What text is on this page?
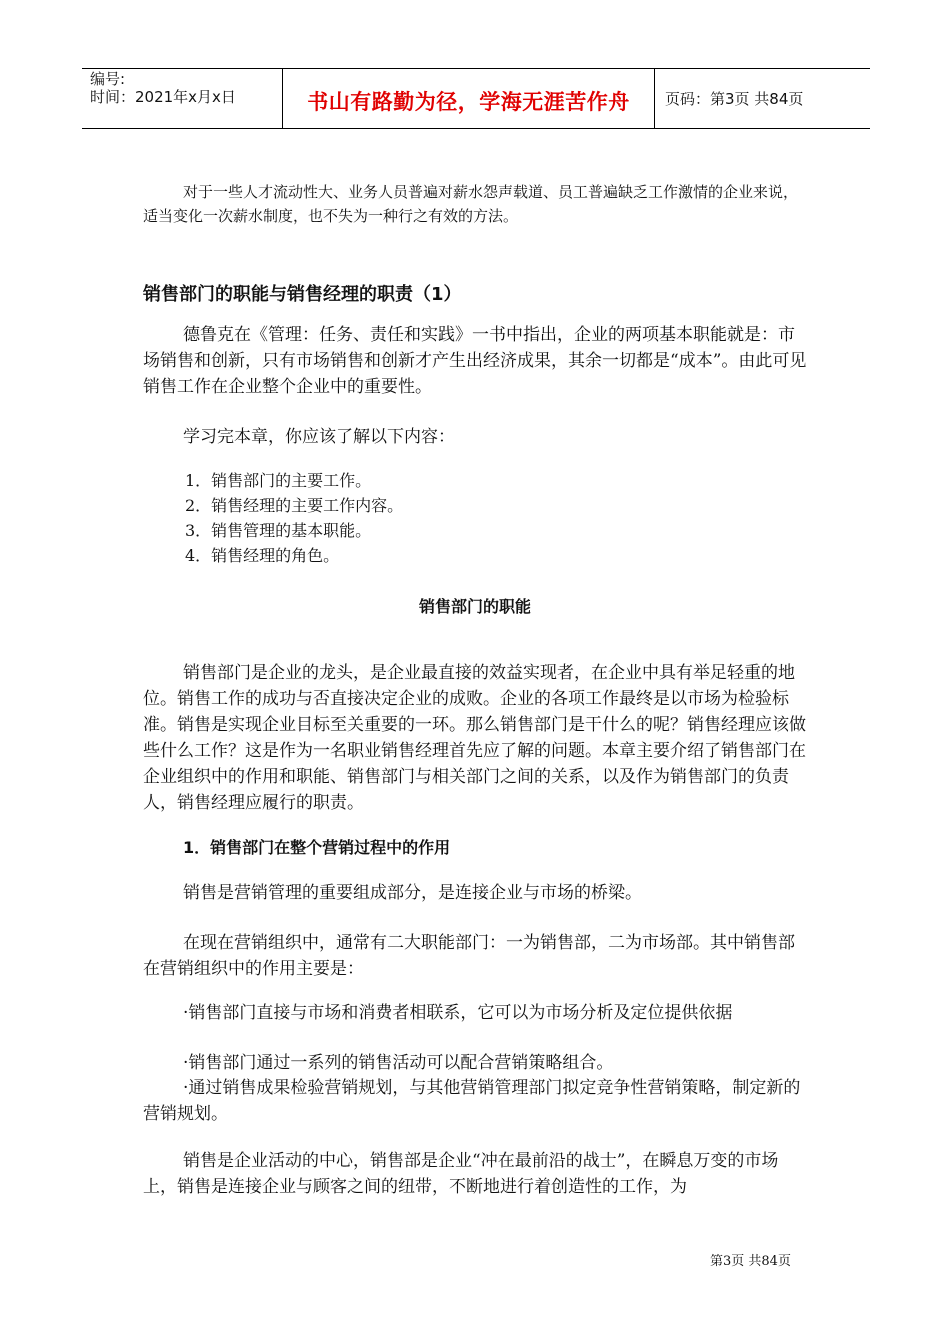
编号:
时间：2021年x月x日	书山有路勤为径，学海无涯苦作舟	页码：第3页 共84页

对于一些人才流动性大、业务人员普遍对薪水怨声载道、员工普遍缺乏工作激情的企业来说，适当变化一次薪水制度，也不失为一种行之有效的方法。

销售部门的职能与销售经理的职责（1）

德鲁克在《管理：任务、责任和实践》一书中指出，企业的两项基本职能就是：市场销售和创新，只有市场销售和创新才产生出经济成果，其余一切都是“成本”。由此可见销售工作在企业整个企业中的重要性。

学习完本章，你应该了解以下内容：

1．销售部门的主要工作。
2．销售经理的主要工作内容。
3．销售管理的基本职能。
4．销售经理的角色。
销售部门的职能

销售部门是企业的龙头，是企业最直接的效益实现者，在企业中具有举足轻重的地位。销售工作的成功与否直接决定企业的成败。企业的各项工作最终是以市场为检验标准。销售是实现企业目标至关重要的一环。那么销售部门是干什么的呢？销售经理应该做些什么工作？这是作为一名职业销售经理首先应了解的问题。本章主要介绍了销售部门在企业组织中的作用和职能、销售部门与相关部门之间的关系，以及作为销售部门的负责人，销售经理应履行的职责。

1．销售部门在整个营销过程中的作用

销售是营销管理的重要组成部分，是连接企业与市场的桥梁。

在现在营销组织中，通常有二大职能部门：一为销售部，二为市场部。其中销售部在营销组织中的作用主要是：

·销售部门直接与市场和消费者相联系，它可以为市场分析及定位提供依据

·销售部门通过一系列的销售活动可以配合营销策略组合。

·通过销售成果检验营销规划，与其他营销管理部门拟定竞争性营销策略，制定新的营销规划。

销售是企业活动的中心，销售部是企业“冲在最前沿的战士”，在瞬息万变的市场上，销售是连接企业与顾客之间的纽带，不断地进行着创造性的工作，为

第3页 共84页
